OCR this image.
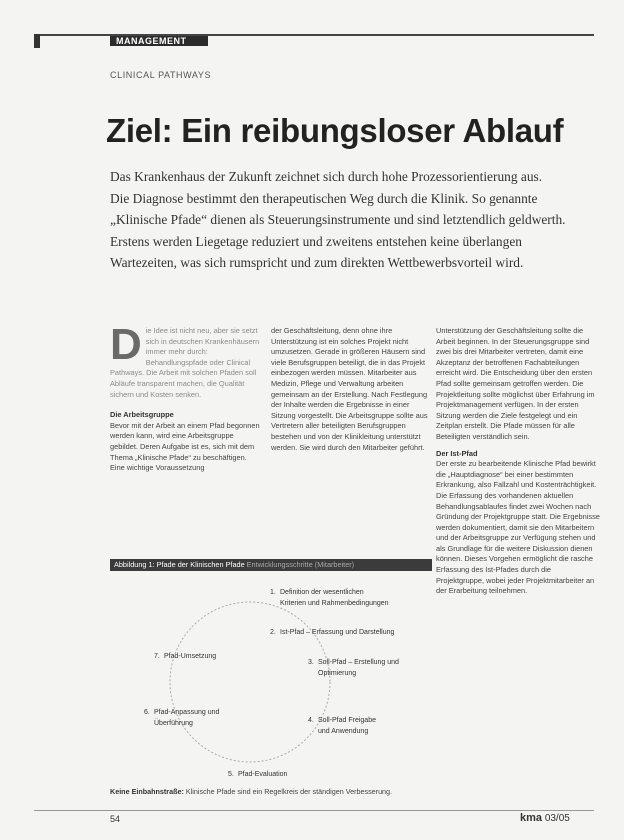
MANAGEMENT
CLINICAL PATHWAYS
Ziel: Ein reibungsloser Ablauf

Das Krankenhaus der Zukunft zeichnet sich durch hohe Prozessorientierung aus.

Die Diagnose bestimmt den therapeutischen Weg durch die Klinik. So genannte

„Klinische Pfade“ dienen als Steuerungsinstrumente und sind letztendlich geldwerth.

Erstens werden Liegetage reduziert und zweitens entstehen keine überlangen

Wartezeiten, was sich rumspricht und zum direkten Wettbewerbsvorteil wird.

Die Idee ist nicht neu, aber sie setzt sich in deutschen Krankenhäusern immer mehr durch: Behandlungspfade oder Clinical Pathways. Die Arbeit mit solchen Pfaden soll Abläufe transparent machen, die Qualität sichern und Kosten senken.

Die Arbeitsgruppe

Bevor mit der Arbeit an einem Pfad begonnen werden kann, wird eine Arbeitsgruppe gebildet. Deren Aufgabe ist es, sich mit dem Thema „Klinische Pfade“ zu beschäftigen. Eine wichtige Voraussetzung

der Geschäftsleitung, denn ohne ihre Unterstützung ist ein solches Projekt nicht umzusetzen. Gerade in größeren Häusern sind viele Berufsgruppen beteiligt, die in das Projekt einbezogen werden müssen. Mitarbeiter aus Medizin, Pflege und Verwaltung arbeiten gemeinsam an der Erstellung. Nach Festlegung der Inhalte werden die Ergebnisse in einer Sitzung vorgestellt. Die Arbeitsgruppe sollte aus Vertretern aller beteiligten Berufsgruppen bestehen und von der Klinikleitung unterstützt werden. Sie wird durch den Mitarbeiter geführt.

Unterstützung der Geschäftsleitung sollte die Arbeit beginnen. In der Steuerungsgruppe sind zwei bis drei Mitarbeiter vertreten, damit eine Akzeptanz der betroffenen Fachabteilungen erreicht wird. Die Entscheidung über den ersten Pfad sollte gemeinsam getroffen werden. Die Projektleitung sollte möglichst über Erfahrung im Projektmanagement verfügen. In der ersten Sitzung werden die Ziele festgelegt und ein Zeitplan erstellt. Die Pfade müssen für alle Beteiligten verständlich sein.

Der Ist-Pfad

Der erste zu bearbeitende Klinische Pfad bewirkt die „Hauptdiagnose“ bei einer bestimmten Erkrankung, also Fallzahl und Kostenträchtigkeit. Die Erfassung des vorhandenen aktuellen Behandlungsablaufes findet zwei Wochen nach Gründung der Projektgruppe statt. Die Ergebnisse werden dokumentiert, damit sie den Mitarbeitern und der Arbeitsgruppe zur Verfügung stehen und als Grundlage für die weitere Diskussion dienen können. Dieses Vorgehen ermöglicht die rasche Erfassung des Ist-Pfades durch die Projektgruppe, wobei jeder Projektmitarbeiter an der Erarbeitung teilnehmen.

Abbildung 1: Pfade der Klinischen Pfade Entwicklungsschritte (Mitarbeiter)
1. Definition der wesentlichen Kriterien und Rahmenbedingungen
2. Ist-Pfad – Erfassung und Darstellung
3. Soll-Pfad – Erstellung und Optimierung
4. Soll-Pfad Freigabe und Anwendung
5. Pfad-Evaluation
6. Pfad-Anpassung und Überführung
7. Pfad-Umsetzung
Keine Einbahnstraße: Klinische Pfade sind ein Regelkreis der ständigen Verbesserung.
54	kma 03/05
